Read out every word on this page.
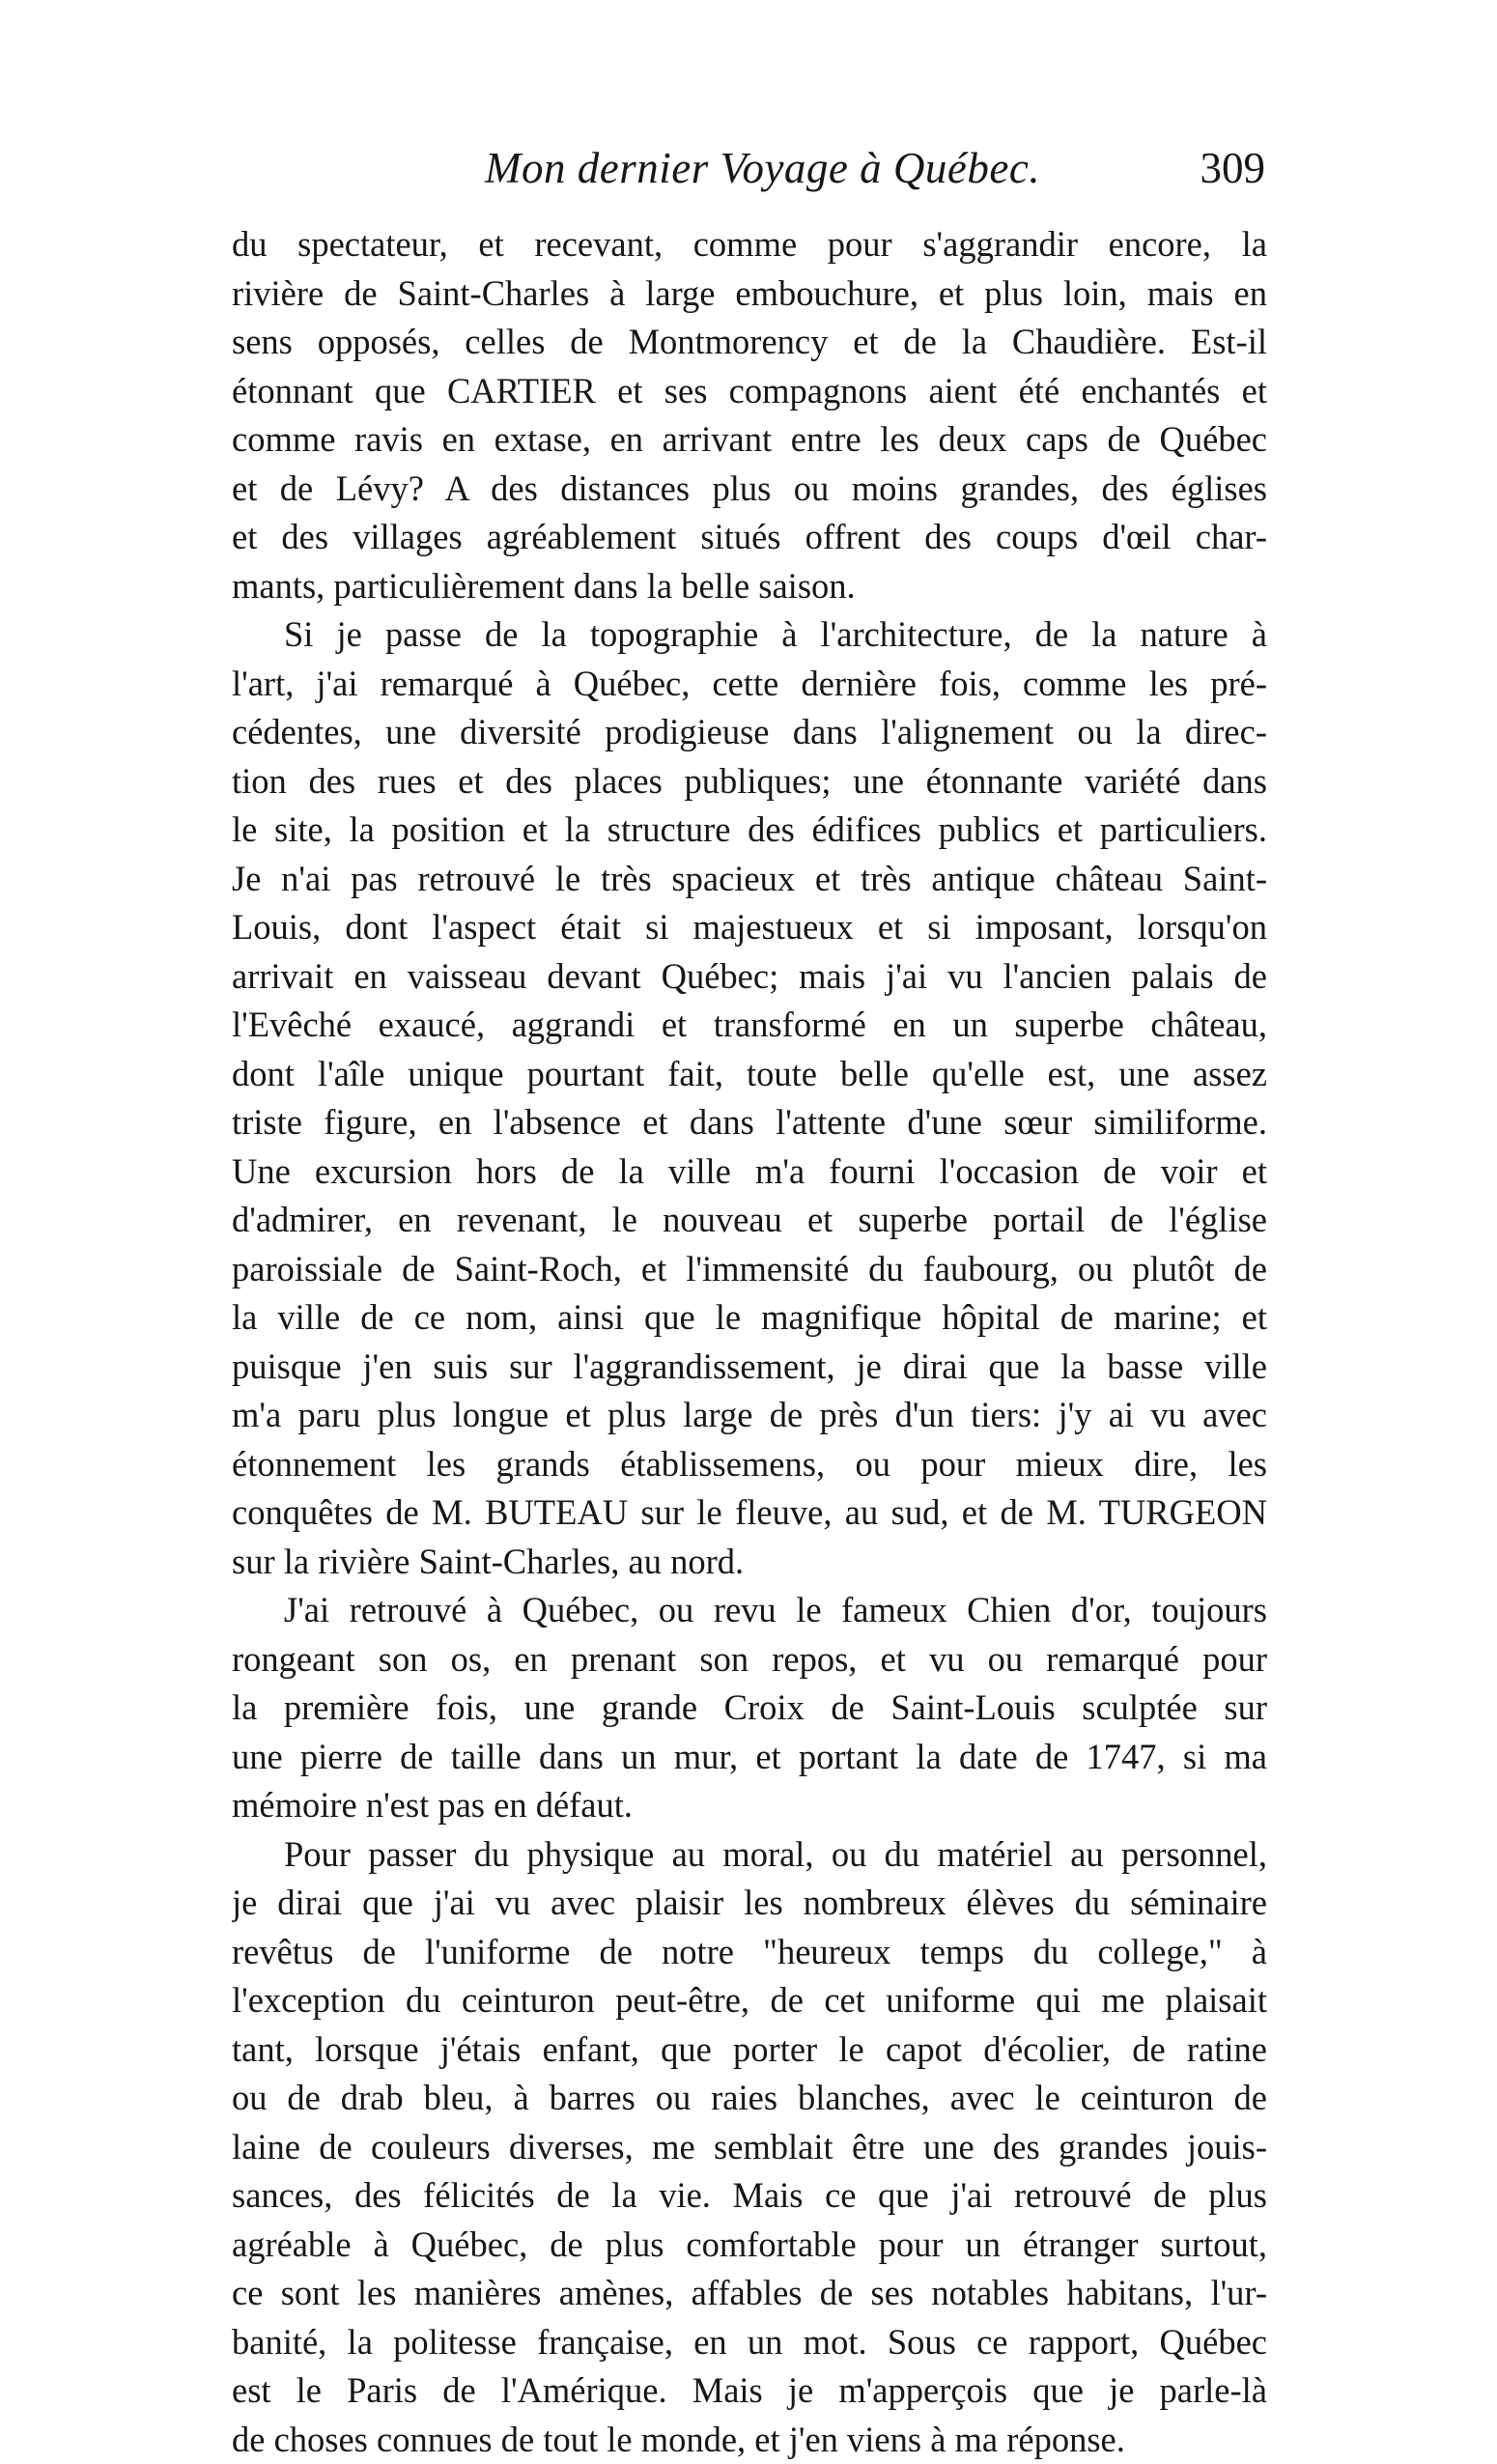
Mon dernier Voyage à Québec.	309
du spectateur, et recevant, comme pour s'aggrandir encore, la
rivière de Saint-Charles à large embouchure, et plus loin, mais en
sens opposés, celles de Montmorency et de la Chaudière. Est-il
étonnant que CARTIER et ses compagnons aient été enchantés et
comme ravis en extase, en arrivant entre les deux caps de Québec
et de Lévy? A des distances plus ou moins grandes, des églises
et des villages agréablement situés offrent des coups d'œil char-
mants, particulièrement dans la belle saison.
Si je passe de la topographie à l'architecture, de la nature à
l'art, j'ai remarqué à Québec, cette dernière fois, comme les pré-
cédentes, une diversité prodigieuse dans l'alignement ou la direc-
tion des rues et des places publiques; une étonnante variété dans
le site, la position et la structure des édifices publics et particuliers.
Je n'ai pas retrouvé le très spacieux et très antique château Saint-
Louis, dont l'aspect était si majestueux et si imposant, lorsqu'on
arrivait en vaisseau devant Québec; mais j'ai vu l'ancien palais de
l'Evêché exaucé, aggrandi et transformé en un superbe château,
dont l'aîle unique pourtant fait, toute belle qu'elle est, une assez
triste figure, en l'absence et dans l'attente d'une sœur similiforme.
Une excursion hors de la ville m'a fourni l'occasion de voir et
d'admirer, en revenant, le nouveau et superbe portail de l'église
paroissiale de Saint-Roch, et l'immensité du faubourg, ou plutôt de
la ville de ce nom, ainsi que le magnifique hôpital de marine; et
puisque j'en suis sur l'aggrandissement, je dirai que la basse ville
m'a paru plus longue et plus large de près d'un tiers: j'y ai vu avec
étonnement les grands établissemens, ou pour mieux dire, les
conquêtes de M. BUTEAU sur le fleuve, au sud, et de M. TURGEON
sur la rivière Saint-Charles, au nord.
J'ai retrouvé à Québec, ou revu le fameux Chien d'or, toujours
rongeant son os, en prenant son repos, et vu ou remarqué pour
la première fois, une grande Croix de Saint-Louis sculptée sur
une pierre de taille dans un mur, et portant la date de 1747, si ma
mémoire n'est pas en défaut.
Pour passer du physique au moral, ou du matériel au personnel,
je dirai que j'ai vu avec plaisir les nombreux élèves du séminaire
revêtus de l'uniforme de notre "heureux temps du college," à
l'exception du ceinturon peut-être, de cet uniforme qui me plaisait
tant, lorsque j'étais enfant, que porter le capot d'écolier, de ratine
ou de drab bleu, à barres ou raies blanches, avec le ceinturon de
laine de couleurs diverses, me semblait être une des grandes jouis-
sances, des félicités de la vie. Mais ce que j'ai retrouvé de plus
agréable à Québec, de plus comfortable pour un étranger surtout,
ce sont les manières amènes, affables de ses notables habitans, l'ur-
banité, la politesse française, en un mot. Sous ce rapport, Québec
est le Paris de l'Amérique. Mais je m'apperçois que je parle-là
de choses connues de tout le monde, et j'en viens à ma réponse.
